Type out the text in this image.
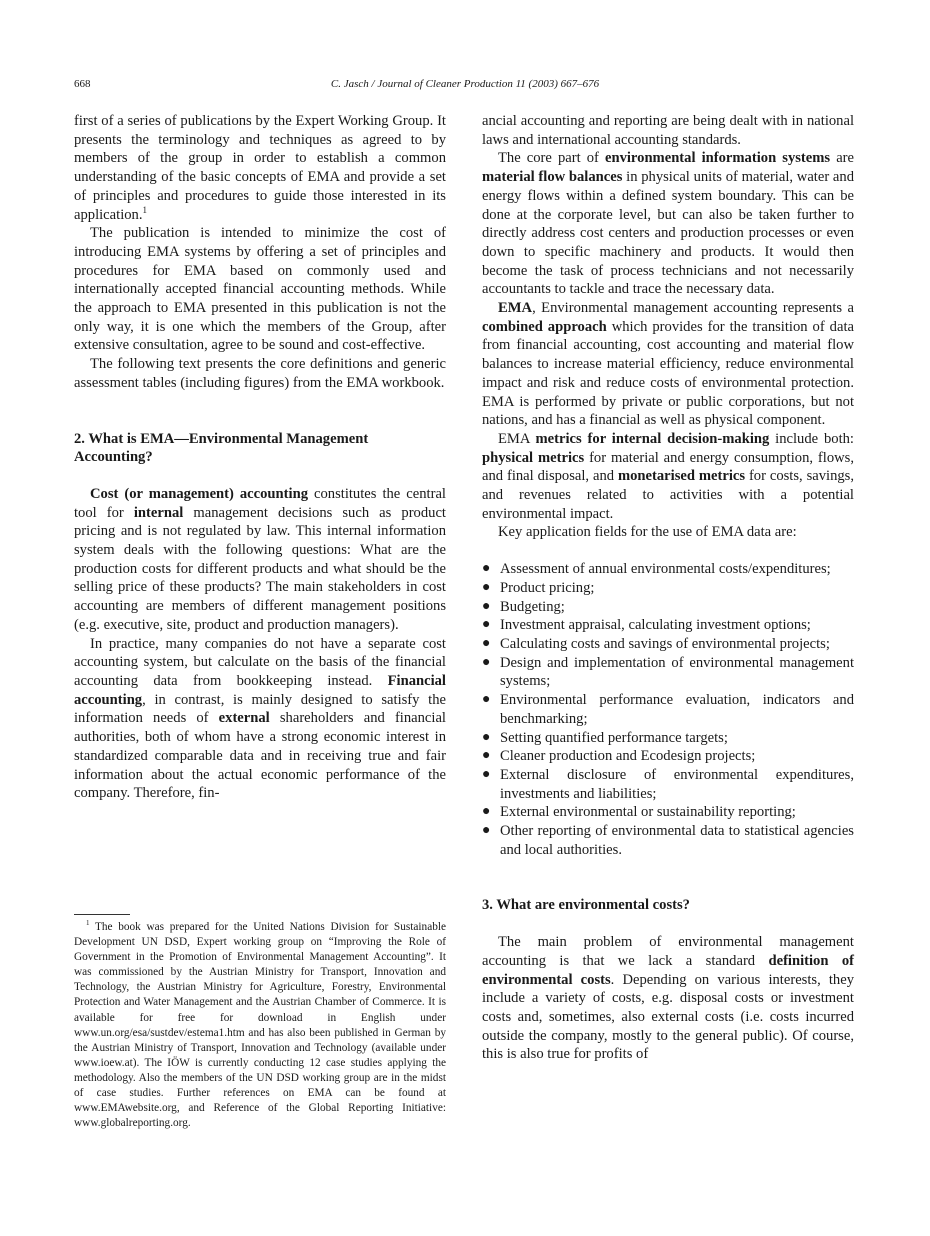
668	C. Jasch / Journal of Cleaner Production 11 (2003) 667–676

first of a series of publications by the Expert Working Group. It presents the terminology and techniques as agreed to by members of the group in order to establish a common understanding of the basic concepts of EMA and provide a set of principles and procedures to guide those interested in its application.$^1$

The publication is intended to minimize the cost of introducing EMA systems by offering a set of principles and procedures for EMA based on commonly used and internationally accepted financial accounting methods. While the approach to EMA presented in this publication is not the only way, it is one which the members of the Group, after extensive consultation, agree to be sound and cost-effective.

The following text presents the core definitions and generic assessment tables (including figures) from the EMA workbook.

2. What is EMA—Environmental Management Accounting?

Cost (or management) accounting constitutes the central tool for internal management decisions such as product pricing and is not regulated by law. This internal information system deals with the following questions: What are the production costs for different products and what should be the selling price of these products? The main stakeholders in cost accounting are members of different management positions (e.g. executive, site, product and production managers).

In practice, many companies do not have a separate cost accounting system, but calculate on the basis of the financial accounting data from bookkeeping instead. Financial accounting, in contrast, is mainly designed to satisfy the information needs of external shareholders and financial authorities, both of whom have a strong economic interest in standardized comparable data and in receiving true and fair information about the actual economic performance of the company. Therefore, fin-

$^1$ The book was prepared for the United Nations Division for Sustainable Development UN DSD, Expert working group on “Improving the Role of Government in the Promotion of Environmental Management Accounting”. It was commissioned by the Austrian Ministry for Transport, Innovation and Technology, the Austrian Ministry for Agriculture, Forestry, Environmental Protection and Water Management and the Austrian Chamber of Commerce. It is available for free for download in English under www.un.org/esa/sustdev/estema1.htm and has also been published in German by the Austrian Ministry of Transport, Innovation and Technology (available under www.ioew.at). The IÖW is currently conducting 12 case studies applying the methodology. Also the members of the UN DSD working group are in the midst of case studies. Further references on EMA can be found at www.EMAwebsite.org, and Reference of the Global Reporting Initiative: www.globalreporting.org.

ancial accounting and reporting are being dealt with in national laws and international accounting standards.

The core part of environmental information systems are material flow balances in physical units of material, water and energy flows within a defined system boundary. This can be done at the corporate level, but can also be taken further to directly address cost centers and production processes or even down to specific machinery and products. It would then become the task of process technicians and not necessarily accountants to tackle and trace the necessary data.

EMA, Environmental management accounting represents a combined approach which provides for the transition of data from financial accounting, cost accounting and material flow balances to increase material efficiency, reduce environmental impact and risk and reduce costs of environmental protection. EMA is performed by private or public corporations, but not nations, and has a financial as well as physical component.

EMA metrics for internal decision-making include both: physical metrics for material and energy consumption, flows, and final disposal, and monetarised metrics for costs, savings, and revenues related to activities with a potential environmental impact.

Key application fields for the use of EMA data are:

● Assessment of annual environmental costs/expenditures;
● Product pricing;
● Budgeting;
● Investment appraisal, calculating investment options;
● Calculating costs and savings of environmental projects;
● Design and implementation of environmental management systems;
● Environmental performance evaluation, indicators and benchmarking;
● Setting quantified performance targets;
● Cleaner production and Ecodesign projects;
● External disclosure of environmental expenditures, investments and liabilities;
● External environmental or sustainability reporting;
● Other reporting of environmental data to statistical agencies and local authorities.

3. What are environmental costs?

The main problem of environmental management accounting is that we lack a standard definition of environmental costs. Depending on various interests, they include a variety of costs, e.g. disposal costs or investment costs and, sometimes, also external costs (i.e. costs incurred outside the company, mostly to the general public). Of course, this is also true for profits of
